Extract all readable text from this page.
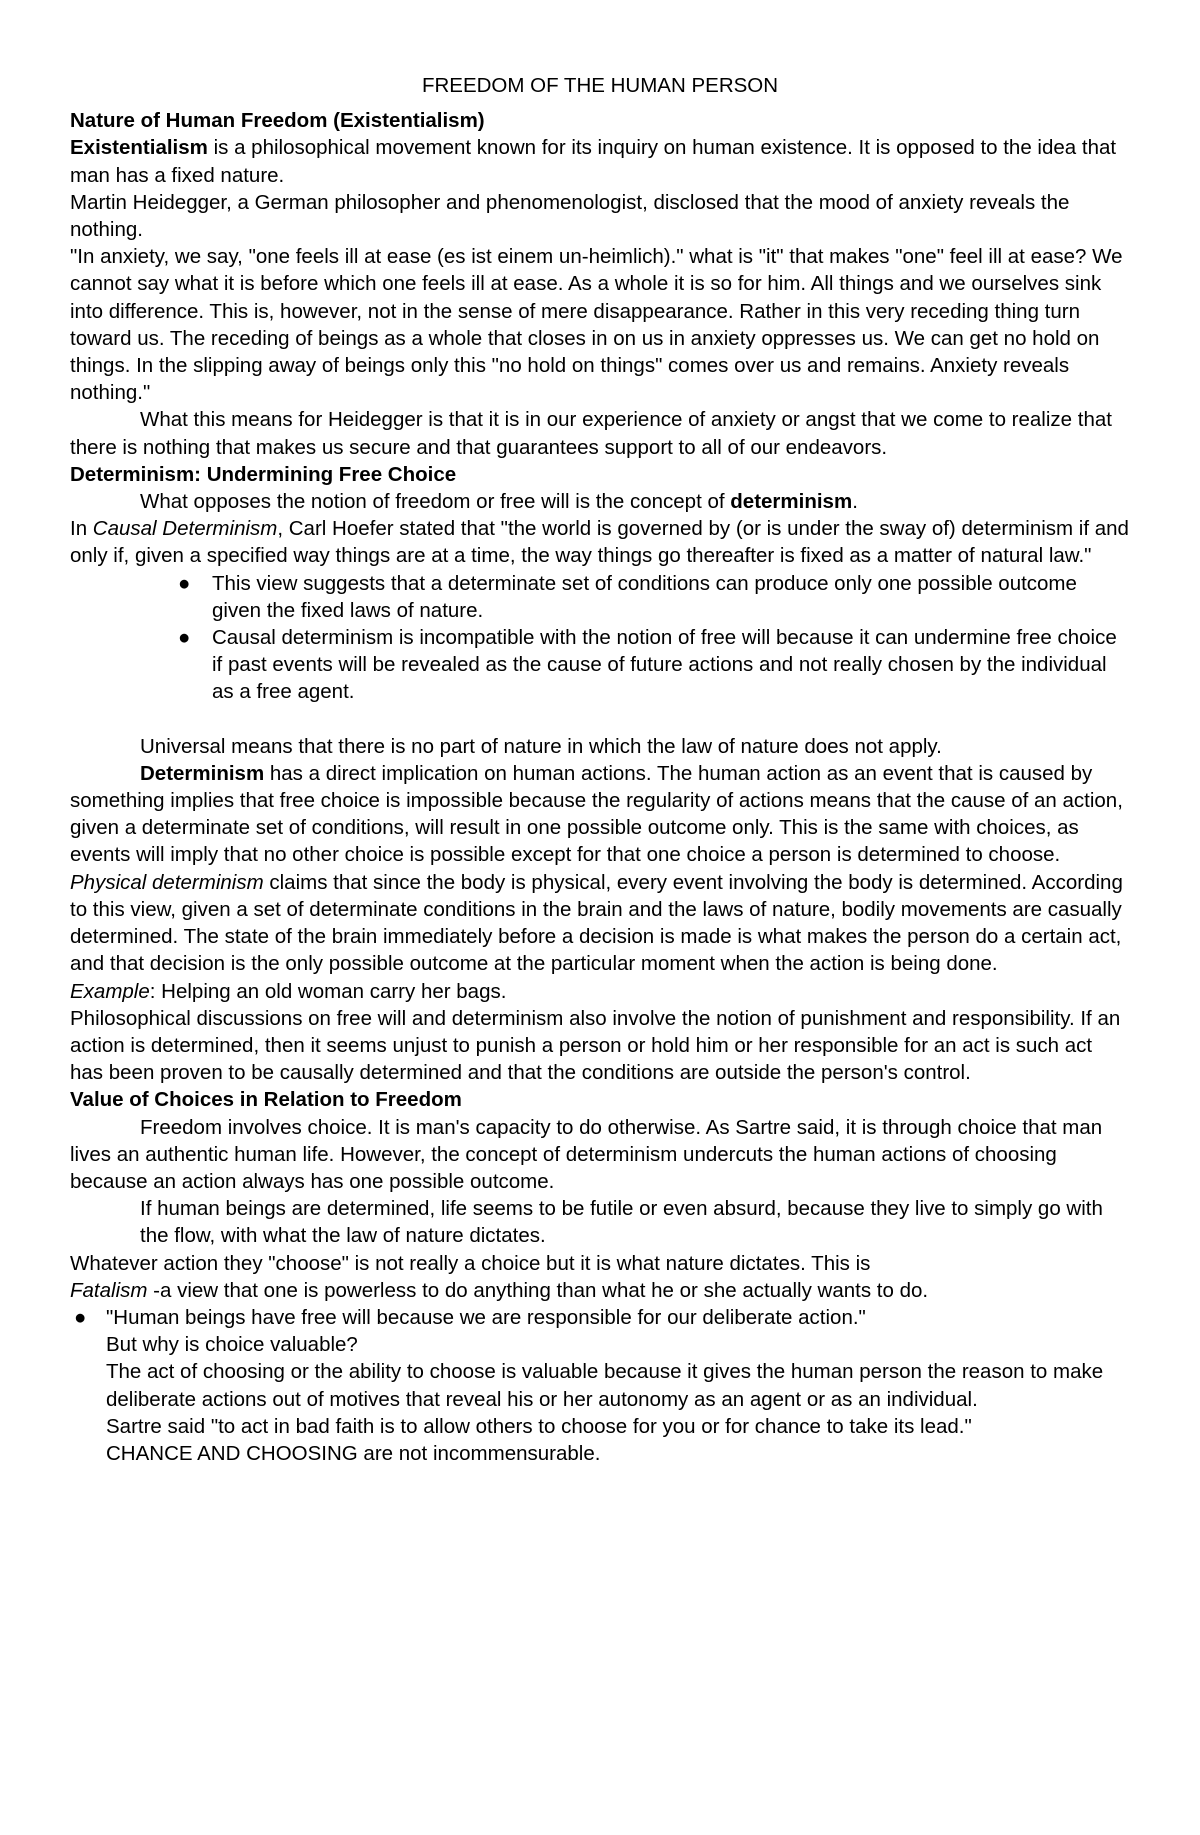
FREEDOM OF THE HUMAN PERSON

Nature of Human Freedom (Existentialism)

Existentialism is a philosophical movement known for its inquiry on human existence. It is opposed to the idea that man has a fixed nature.

Martin Heidegger, a German philosopher and phenomenologist, disclosed that the mood of anxiety reveals the nothing.

"In anxiety, we say, "one feels ill at ease (es ist einem un-heimlich)." what is "it" that makes "one" feel ill at ease? We cannot say what it is before which one feels ill at ease. As a whole it is so for him. All things and we ourselves sink into difference. This is, however, not in the sense of mere disappearance. Rather in this very receding thing turn toward us. The receding of beings as a whole that closes in on us in anxiety oppresses us. We can get no hold on things. In the slipping away of beings only this "no hold on things" comes over us and remains. Anxiety reveals nothing."

What this means for Heidegger is that it is in our experience of anxiety or angst that we come to realize that there is nothing that makes us secure and that guarantees support to all of our endeavors.

Determinism: Undermining Free Choice

What opposes the notion of freedom or free will is the concept of determinism.

In Causal Determinism, Carl Hoefer stated that "the world is governed by (or is under the sway of) determinism if and only if, given a specified way things are at a time, the way things go thereafter is fixed as a matter of natural law."

● This view suggests that a determinate set of conditions can produce only one possible outcome given the fixed laws of nature.
● Causal determinism is incompatible with the notion of free will because it can undermine free choice if past events will be revealed as the cause of future actions and not really chosen by the individual as a free agent.

Universal means that there is no part of nature in which the law of nature does not apply.

Determinism has a direct implication on human actions. The human action as an event that is caused by something implies that free choice is impossible because the regularity of actions means that the cause of an action, given a determinate set of conditions, will result in one possible outcome only. This is the same with choices, as events will imply that no other choice is possible except for that one choice a person is determined to choose.

Physical determinism claims that since the body is physical, every event involving the body is determined. According to this view, given a set of determinate conditions in the brain and the laws of nature, bodily movements are casually determined. The state of the brain immediately before a decision is made is what makes the person do a certain act, and that decision is the only possible outcome at the particular moment when the action is being done.

Example: Helping an old woman carry her bags.

Philosophical discussions on free will and determinism also involve the notion of punishment and responsibility. If an action is determined, then it seems unjust to punish a person or hold him or her responsible for an act is such act has been proven to be causally determined and that the conditions are outside the person's control.

Value of Choices in Relation to Freedom

Freedom involves choice. It is man's capacity to do otherwise. As Sartre said, it is through choice that man lives an authentic human life. However, the concept of determinism undercuts the human actions of choosing because an action always has one possible outcome.

If human beings are determined, life seems to be futile or even absurd, because they live to simply go with the flow, with what the law of nature dictates.

Whatever action they "choose" is not really a choice but it is what nature dictates. This is

Fatalism -a view that one is powerless to do anything than what he or she actually wants to do.

● "Human beings have free will because we are responsible for our deliberate action."

But why is choice valuable?

The act of choosing or the ability to choose is valuable because it gives the human person the reason to make deliberate actions out of motives that reveal his or her autonomy as an agent or as an individual.

Sartre said "to act in bad faith is to allow others to choose for you or for chance to take its lead."

CHANCE AND CHOOSING are not incommensurable.
